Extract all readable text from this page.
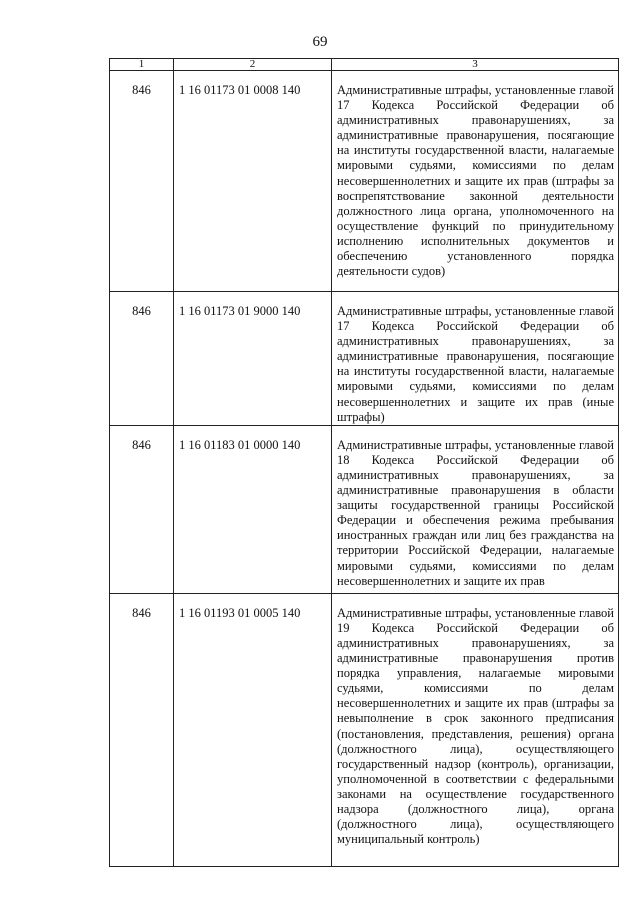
69
1	2	3
846	1 16 01173 01 0008 140	Административные штрафы, установленные главой 17 Кодекса Российской Федерации об административных правонарушениях, за административные правонарушения, посягающие на институты государственной власти, налагаемые мировыми судьями, комиссиями по делам несовершеннолетних и защите их прав (штрафы за воспрепятствование законной деятельности должностного лица органа, уполномоченного на осуществление функций по принудительному исполнению исполнительных документов и обеспечению установленного порядка деятельности судов)

846	1 16 01173 01 9000 140	Административные штрафы, установленные главой 17 Кодекса Российской Федерации об административных правонарушениях, за административные правонарушения, посягающие на институты государственной власти, налагаемые мировыми судьями, комиссиями по делам несовершеннолетних и защите их прав (иные штрафы)

846	1 16 01183 01 0000 140	Административные штрафы, установленные главой 18 Кодекса Российской Федерации об административных правонарушениях, за административные правонарушения в области защиты государственной границы Российской Федерации и обеспечения режима пребывания иностранных граждан или лиц без гражданства на территории Российской Федерации, налагаемые мировыми судьями, комиссиями по делам несовершеннолетних и защите их прав

846	1 16 01193 01 0005 140	Административные штрафы, установленные главой 19 Кодекса Российской Федерации об административных правонарушениях, за административные правонарушения против порядка управления, налагаемые мировыми судьями, комиссиями по делам несовершеннолетних и защите их прав (штрафы за невыполнение в срок законного предписания (постановления, представления, решения) органа (должностного лица), осуществляющего государственный надзор (контроль), организации, уполномоченной в соответствии с федеральными законами на осуществление государственного надзора (должностного лица), органа (должностного лица), осуществляющего муниципальный контроль)
